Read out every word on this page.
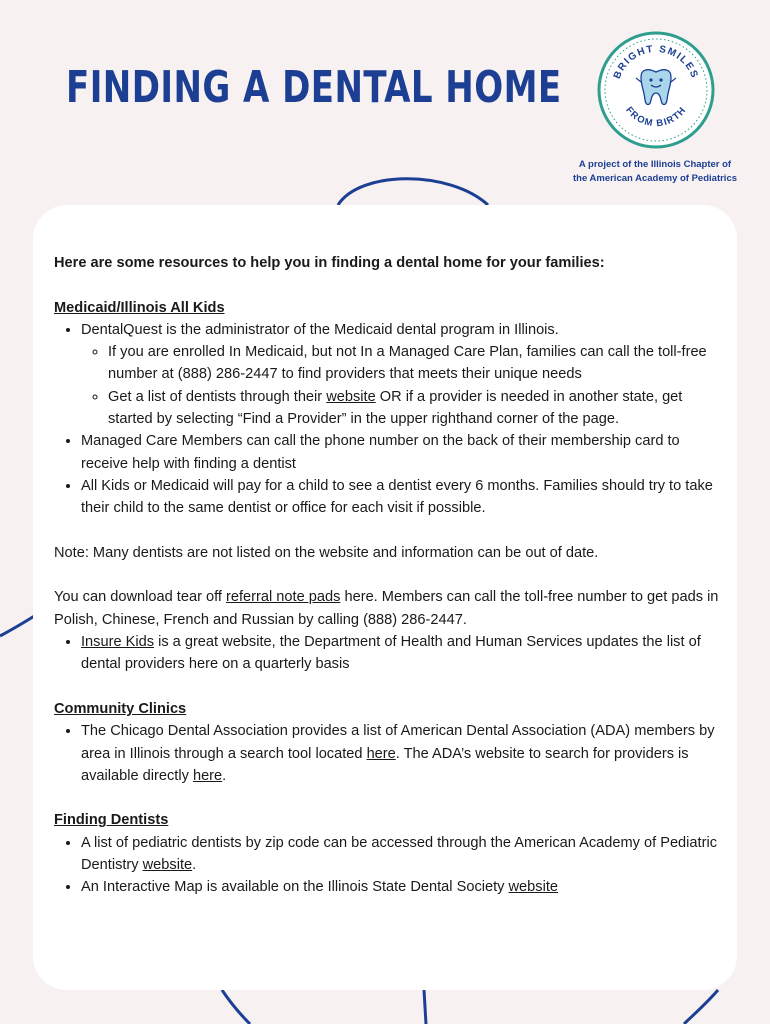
FINDING A DENTAL HOME	BRIGHT SMILES
FROM BIRTH
A project of the Illinois Chapter of
the American Academy of Pediatrics

Here are some resources to help you in finding a dental home for your families:

Medicaid/Illinois All Kids

• DentalQuest is the administrator of the Medicaid dental program in Illinois.
◦ If you are enrolled In Medicaid, but not In a Managed Care Plan, families can call the toll-free number at (888) 286-2447 to find providers that meets their unique needs
◦ Get a list of dentists through their website OR if a provider is needed in another state, get started by selecting “Find a Provider” in the upper righthand corner of the page.
• Managed Care Members can call the phone number on the back of their membership card to receive help with finding a dentist
• All Kids or Medicaid will pay for a child to see a dentist every 6 months. Families should try to take their child to the same dentist or office for each visit if possible.

Note: Many dentists are not listed on the website and information can be out of date.

You can download tear off referral note pads here. Members can call the toll-free number to get pads in Polish, Chinese, French and Russian by calling (888) 286-2447.

• Insure Kids is a great website, the Department of Health and Human Services updates the list of dental providers here on a quarterly basis

Community Clinics

• The Chicago Dental Association provides a list of American Dental Association (ADA) members by area in Illinois through a search tool located here. The ADA’s website to search for providers is available directly here.

Finding Dentists

• A list of pediatric dentists by zip code can be accessed through the American Academy of Pediatric Dentistry website.
• An Interactive Map is available on the Illinois State Dental Society website
